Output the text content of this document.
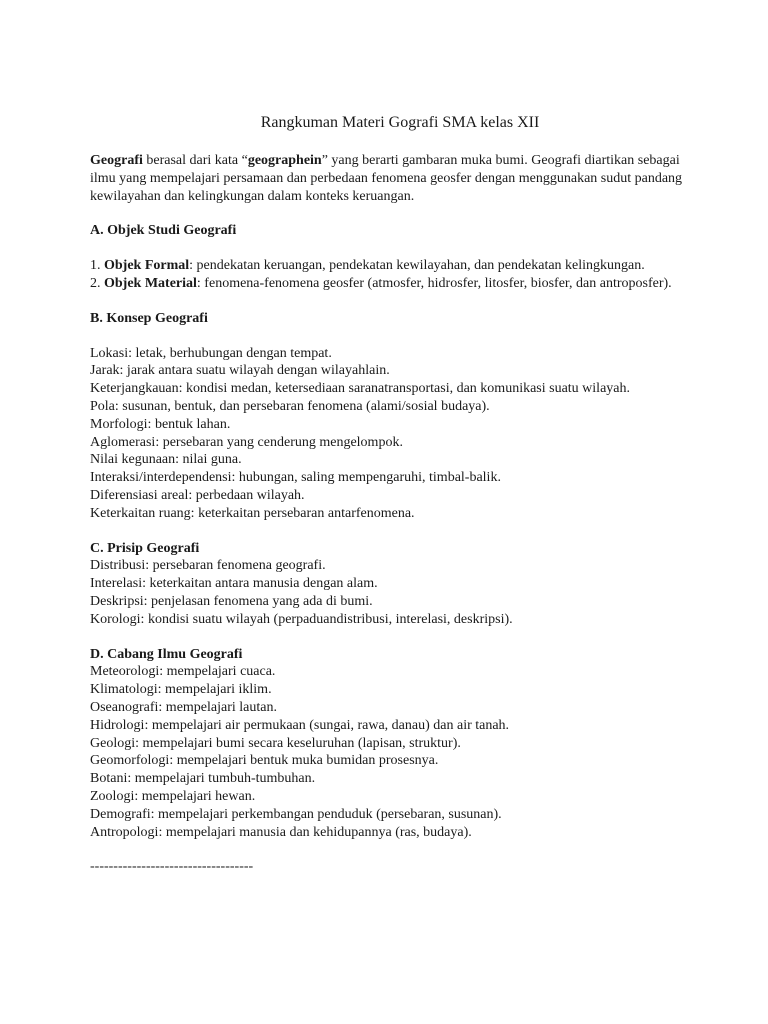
Rangkuman Materi Gografi SMA kelas XII
Geografi berasal dari kata “geographein” yang berarti gambaran muka bumi. Geografi diartikan sebagai ilmu yang mempelajari persamaan dan perbedaan fenomena geosfer dengan menggunakan sudut pandang kewilayahan dan kelingkungan dalam konteks keruangan.
A. Objek Studi Geografi
1. Objek Formal: pendekatan keruangan, pendekatan kewilayahan, dan pendekatan kelingkungan.
2. Objek Material: fenomena-fenomena geosfer (atmosfer, hidrosfer, litosfer, biosfer, dan antroposfer).
B. Konsep Geografi
Lokasi: letak, berhubungan dengan tempat.
Jarak: jarak antara suatu wilayah dengan wilayahlain.
Keterjangkauan: kondisi medan, ketersediaan saranatransportasi, dan komunikasi suatu wilayah.
Pola: susunan, bentuk, dan persebaran fenomena (alami/sosial budaya).
Morfologi: bentuk lahan.
Aglomerasi: persebaran yang cenderung mengelompok.
Nilai kegunaan: nilai guna.
Interaksi/interdependensi: hubungan, saling mempengaruhi, timbal-balik.
Diferensiasi areal: perbedaan wilayah.
Keterkaitan ruang: keterkaitan persebaran antarfenomena.
C. Prisip Geografi
Distribusi: persebaran fenomena geografi.
Interelasi: keterkaitan antara manusia dengan alam.
Deskripsi: penjelasan fenomena yang ada di bumi.
Korologi: kondisi suatu wilayah (perpaduandistribusi, interelasi, deskripsi).
D. Cabang Ilmu Geografi
Meteorologi: mempelajari cuaca.
Klimatologi: mempelajari iklim.
Oseanografi: mempelajari lautan.
Hidrologi: mempelajari air permukaan (sungai, rawa, danau) dan air tanah.
Geologi: mempelajari bumi secara keseluruhan (lapisan, struktur).
Geomorfologi: mempelajari bentuk muka bumidan prosesnya.
Botani: mempelajari tumbuh-tumbuhan.
Zoologi: mempelajari hewan.
Demografi: mempelajari perkembangan penduduk (persebaran, susunan).
Antropologi: mempelajari manusia dan kehidupannya (ras, budaya).
-----------------------------------
